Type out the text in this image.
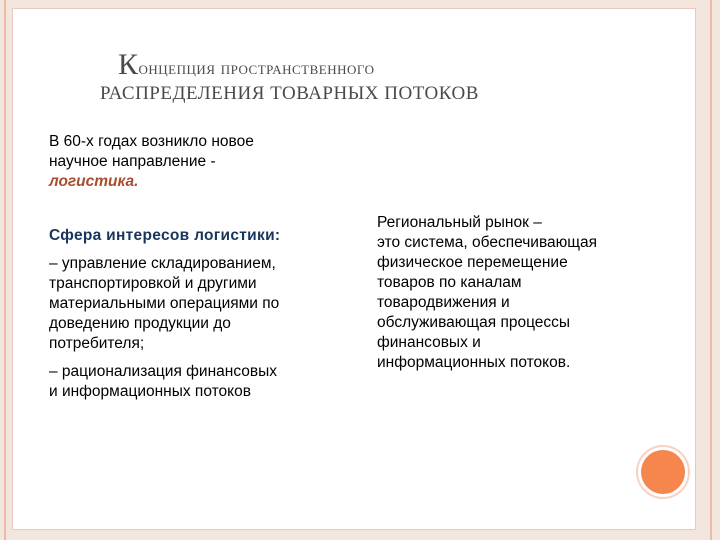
Концепция пространственного
РАСПРЕДЕЛЕНИЯ ТОВАРНЫХ ПОТОКОВ

В 60-х годах возникло новое
научное направление -
логистика.

Сфера интересов логистики:

– управление складированием,
транспортировкой и другими
материальными операциями по
доведению продукции до
потребителя;

– рационализация финансовых
и информационных потоков

Региональный рынок –
это система, обеспечивающая
физическое перемещение
товаров по каналам
товародвижения и
обслуживающая процессы
финансовых и
информационных потоков.
